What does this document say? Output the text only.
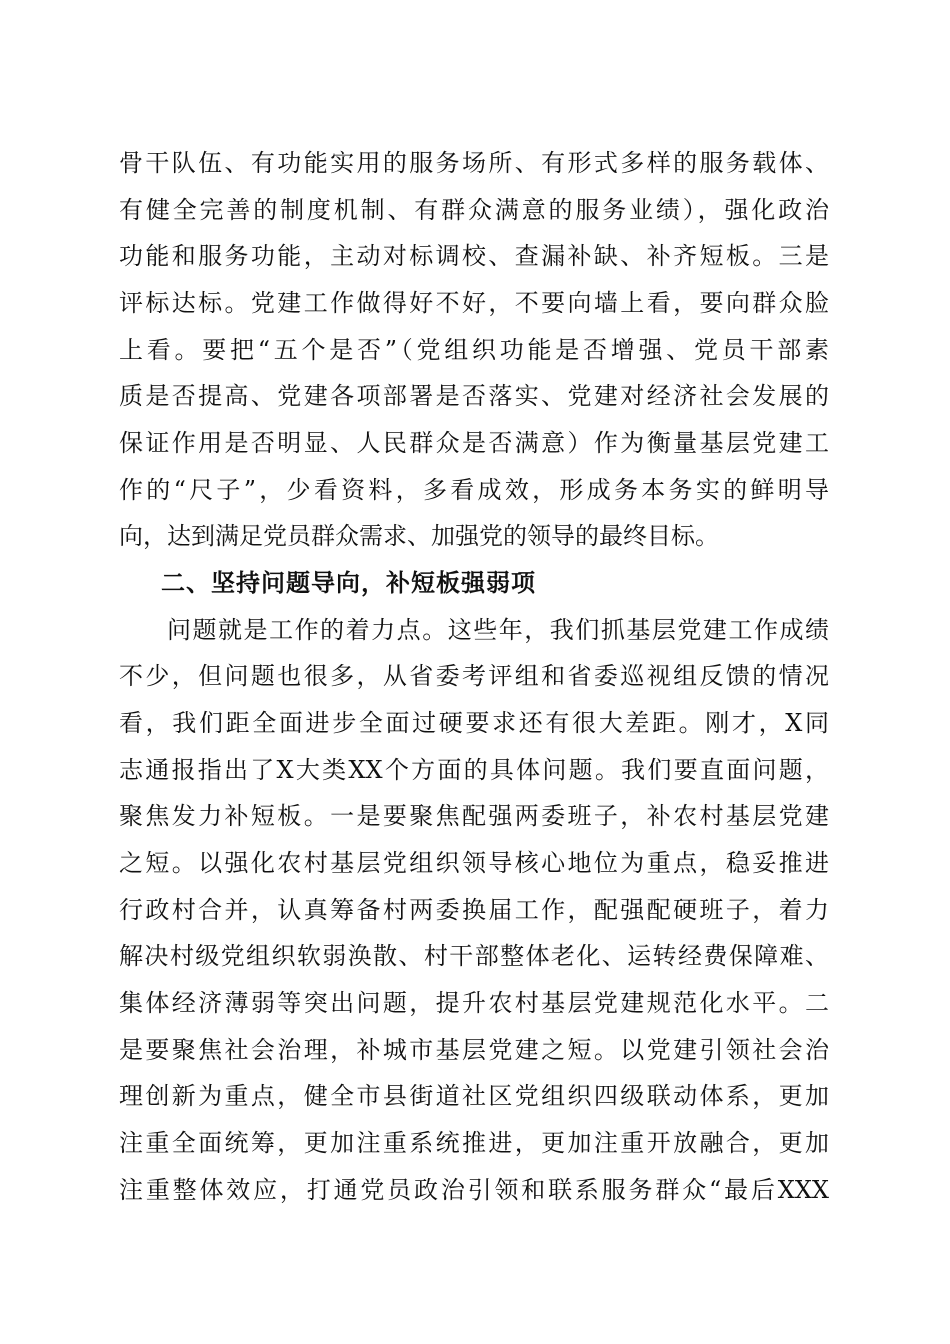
骨干队伍、有功能实用的服务场所、有形式多样的服务载体、
有健全完善的制度机制、有群众满意的服务业绩），强化政治
功能和服务功能，主动对标调校、查漏补缺、补齐短板。三是
评标达标。党建工作做得好不好，不要向墙上看，要向群众脸
上看。要把“五个是否”（党组织功能是否增强、党员干部素
质是否提高、党建各项部署是否落实、党建对经济社会发展的
保证作用是否明显、人民群众是否满意）作为衡量基层党建工
作的“尺子”，少看资料，多看成效，形成务本务实的鲜明导
向，达到满足党员群众需求、加强党的领导的最终目标。
二、坚持问题导向，补短板强弱项
问题就是工作的着力点。这些年，我们抓基层党建工作成绩
不少，但问题也很多，从省委考评组和省委巡视组反馈的情况
看，我们距全面进步全面过硬要求还有很大差距。刚才，X同
志通报指出了X大类XX个方面的具体问题。我们要直面问题，
聚焦发力补短板。一是要聚焦配强两委班子，补农村基层党建
之短。以强化农村基层党组织领导核心地位为重点，稳妥推进
行政村合并，认真筹备村两委换届工作，配强配硬班子，着力
解决村级党组织软弱涣散、村干部整体老化、运转经费保障难、
集体经济薄弱等突出问题，提升农村基层党建规范化水平。二
是要聚焦社会治理，补城市基层党建之短。以党建引领社会治
理创新为重点，健全市县街道社区党组织四级联动体系，更加
注重全面统筹，更加注重系统推进，更加注重开放融合，更加
注重整体效应，打通党员政治引领和联系服务群众“最后XXX
